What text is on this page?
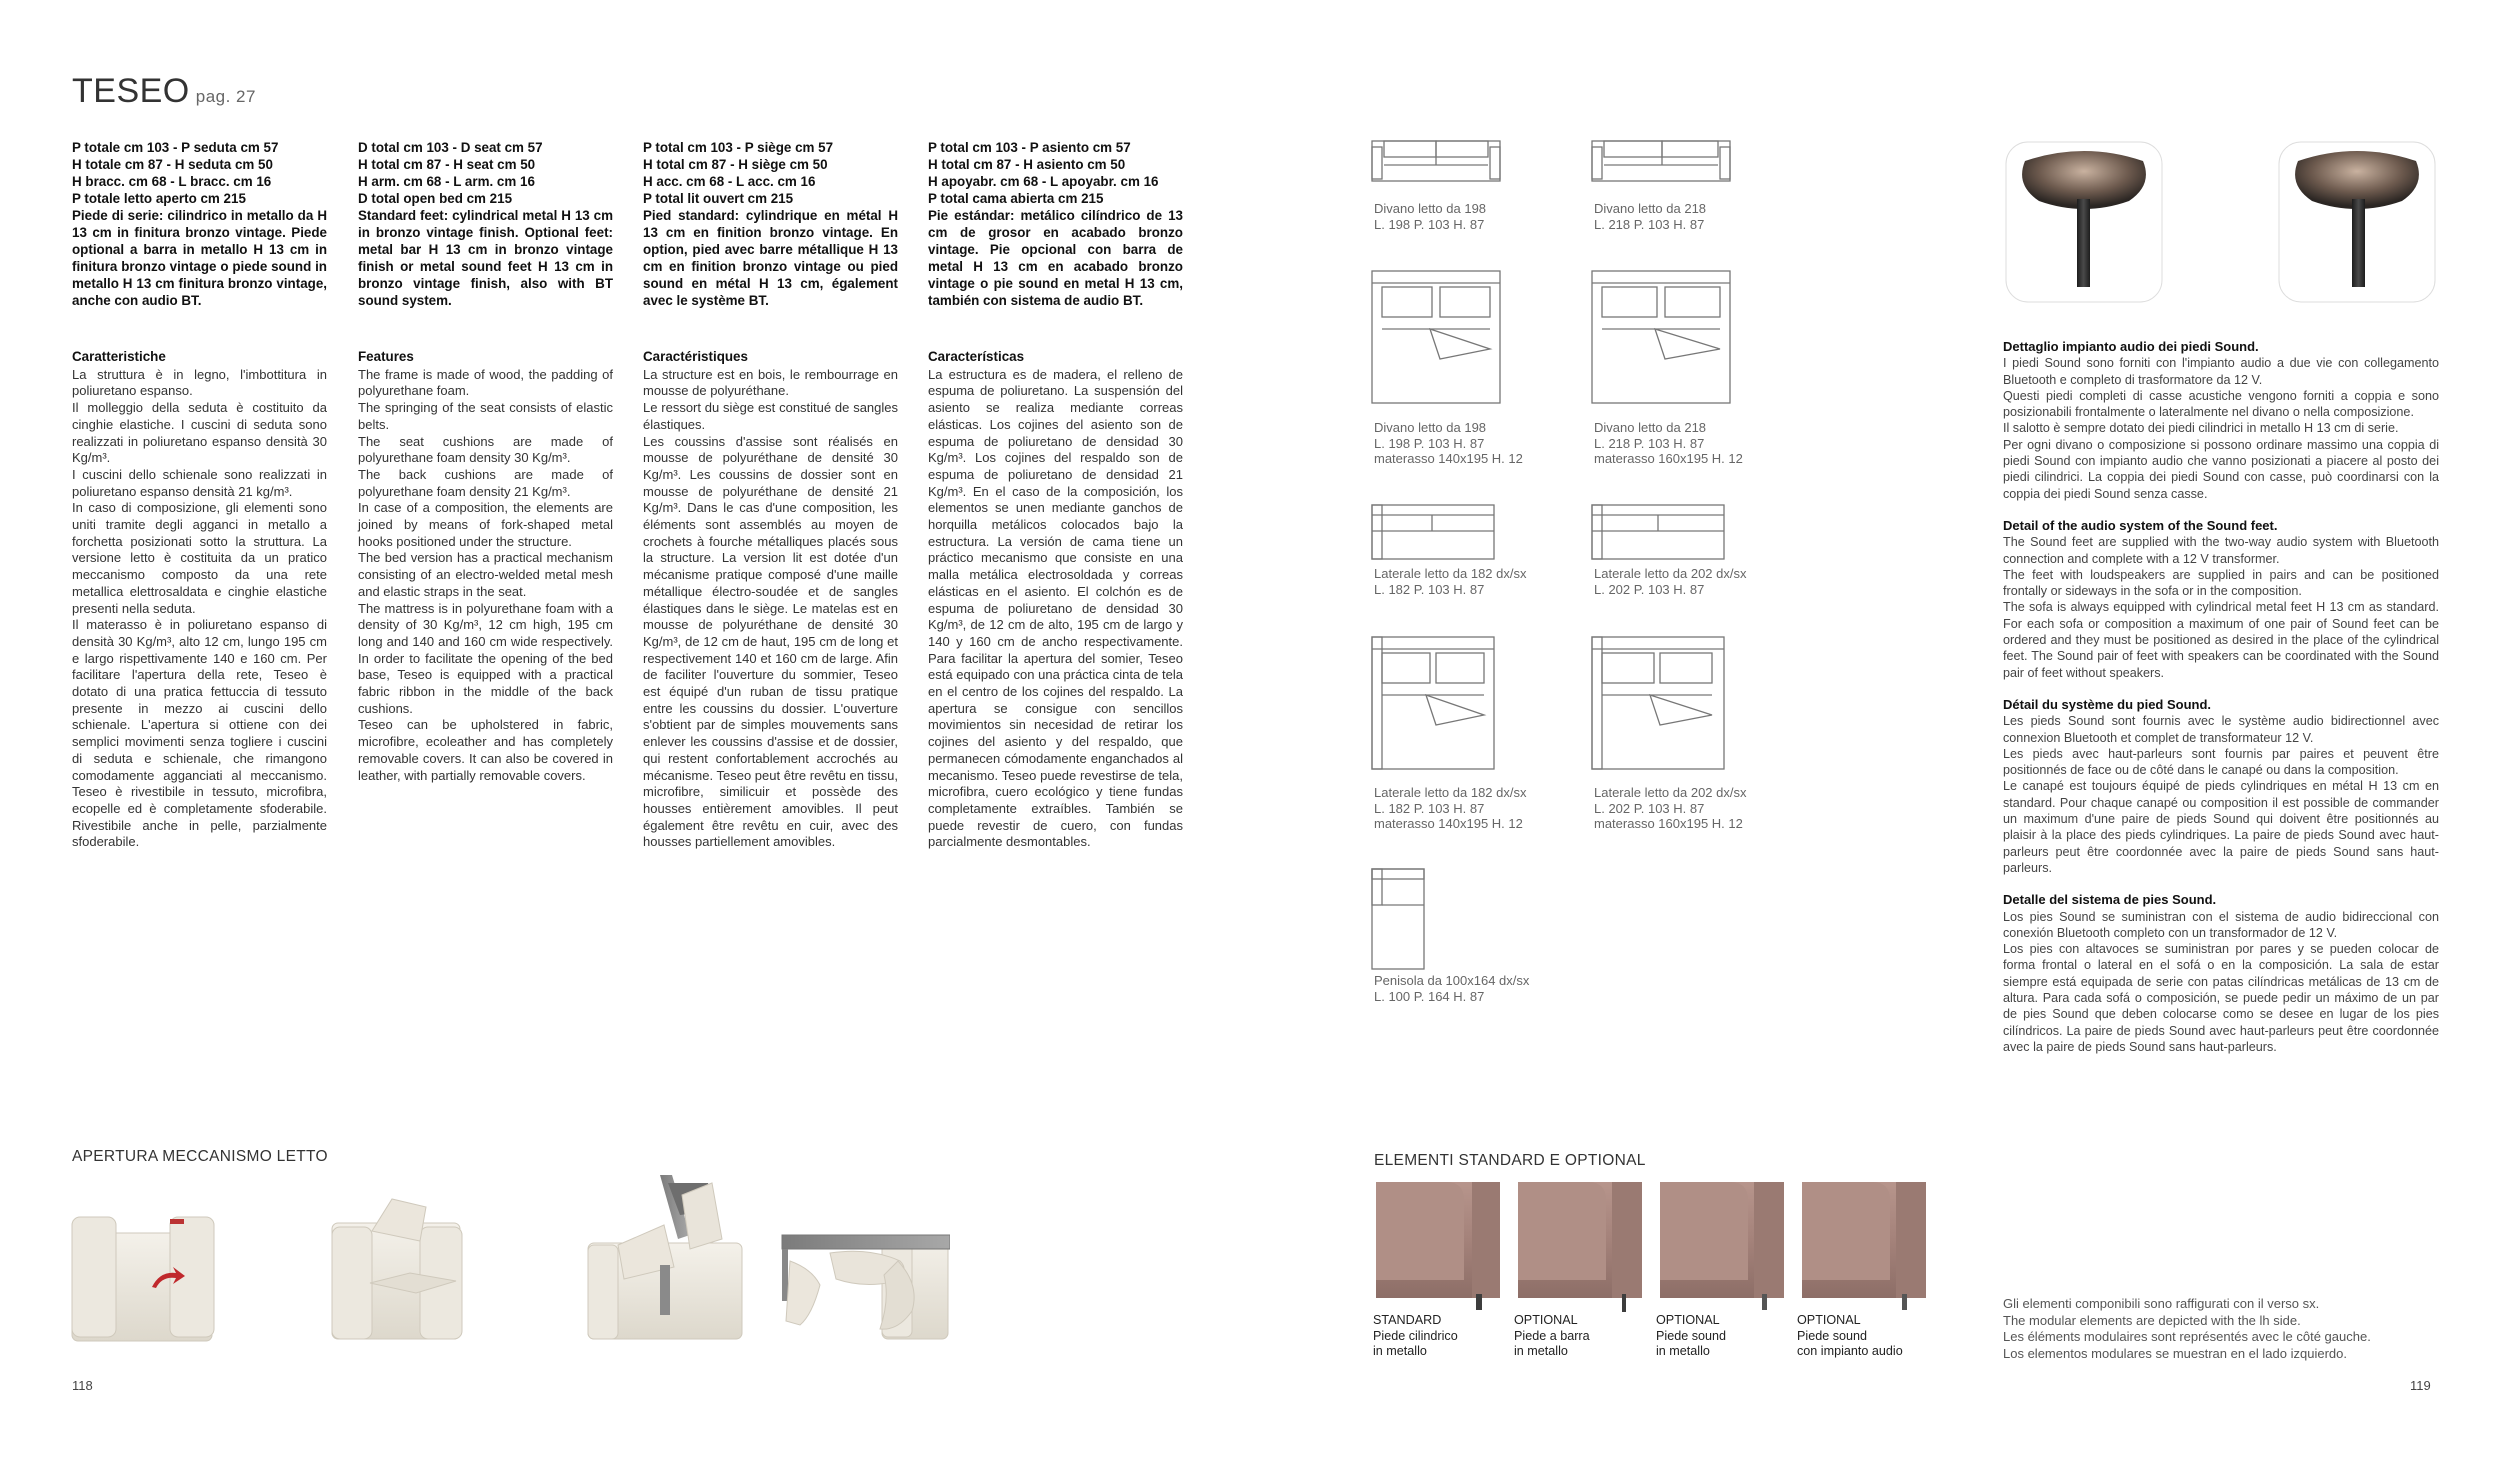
TESEO pag. 27
P totale cm 103 - P seduta cm 57
H totale cm 87 - H seduta cm 50
H bracc. cm 68 - L bracc. cm 16
P totale letto aperto cm 215
Piede di serie: cilindrico in metallo da H 13 cm in finitura bronzo vintage. Piede optional a barra in metallo H 13 cm in finitura bronzo vintage o piede sound in metallo H 13 cm finitura bronzo vintage, anche con audio BT.
D total cm 103 - D seat cm 57
H total cm 87 - H seat cm 50
H arm. cm 68 - L arm. cm 16
D total open bed cm 215
Standard feet: cylindrical metal H 13 cm in bronzo vintage finish. Optional feet: metal bar H 13 cm in bronzo vintage finish or metal sound feet H 13 cm in bronzo vintage finish, also with BT sound system.
P total cm 103 - P siège cm 57
H total cm 87 - H siège cm 50
H acc. cm 68 - L acc. cm 16
P total lit ouvert cm 215
Pied standard: cylindrique en métal H 13 cm en finition bronzo vintage. En option, pied avec barre métallique H 13 cm en finition bronzo vintage ou pied sound en métal H 13 cm, également avec le système BT.
P total cm 103 - P asiento cm 57
H total cm 87 - H asiento cm 50
H apoyabr. cm 68 - L apoyabr. cm 16
P total cama abierta cm 215
Pie estándar: metálico cilíndrico de 13 cm de grosor en acabado bronzo vintage. Pie opcional con barra de metal H 13 cm en acabado bronzo vintage o pie sound en metal H 13 cm, también con sistema de audio BT.
Caratteristiche

La struttura è in legno, l'imbottitura in poliuretano espanso.

Il molleggio della seduta è costituito da cinghie elastiche. I cuscini di seduta sono realizzati in poliuretano espanso densità 30 Kg/m³.

I cuscini dello schienale sono realizzati in poliuretano espanso densità 21 kg/m³.

In caso di composizione, gli elementi sono uniti tramite degli agganci in metallo a forchetta posizionati sotto la struttura. La versione letto è costituita da un pratico meccanismo composto da una rete metallica elettrosaldata e cinghie elastiche presenti nella seduta.

Il materasso è in poliuretano espanso di densità 30 Kg/m³, alto 12 cm, lungo 195 cm e largo rispettivamente 140 e 160 cm. Per facilitare l'apertura della rete, Teseo è dotato di una pratica fettuccia di tessuto presente in mezzo ai cuscini dello schienale. L'apertura si ottiene con dei semplici movimenti senza togliere i cuscini di seduta e schienale, che rimangono comodamente agganciati al meccanismo. Teseo è rivestibile in tessuto, microfibra, ecopelle ed è completamente sfoderabile. Rivestibile anche in pelle, parzialmente sfoderabile.

Features

The frame is made of wood, the padding of polyurethane foam.

The springing of the seat consists of elastic belts.

The seat cushions are made of polyurethane foam density 30 Kg/m³.

The back cushions are made of polyurethane foam density 21 Kg/m³.

In case of a composition, the elements are joined by means of fork-shaped metal hooks positioned under the structure.

The bed version has a practical mechanism consisting of an electro-welded metal mesh and elastic straps in the seat.

The mattress is in polyurethane foam with a density of 30 Kg/m³, 12 cm high, 195 cm long and 140 and 160 cm wide respectively. In order to facilitate the opening of the bed base, Teseo is equipped with a practical fabric ribbon in the middle of the back cushions.

Teseo can be upholstered in fabric, microfibre, ecoleather and has completely removable covers. It can also be covered in leather, with partially removable covers.

Caractéristiques

La structure est en bois, le rembourrage en mousse de polyuréthane.

Le ressort du siège est constitué de sangles élastiques.

Les coussins d'assise sont réalisés en mousse de polyuréthane de densité 30 Kg/m³. Les coussins de dossier sont en mousse de polyuréthane de densité 21 Kg/m³. Dans le cas d'une composition, les éléments sont assemblés au moyen de crochets à fourche métalliques placés sous la structure. La version lit est dotée d'un mécanisme pratique composé d'une maille métallique électro-soudée et de sangles élastiques dans le siège. Le matelas est en mousse de polyuréthane de densité 30 Kg/m³, de 12 cm de haut, 195 cm de long et respectivement 140 et 160 cm de large. Afin de faciliter l'ouverture du sommier, Teseo est équipé d'un ruban de tissu pratique entre les coussins du dossier. L'ouverture s'obtient par de simples mouvements sans enlever les coussins d'assise et de dossier, qui restent confortablement accrochés au mécanisme. Teseo peut être revêtu en tissu, microfibre, similicuir et possède des housses entièrement amovibles. Il peut également être revêtu en cuir, avec des housses partiellement amovibles.

Características

La estructura es de madera, el relleno de espuma de poliuretano. La suspensión del asiento se realiza mediante correas elásticas. Los cojines del asiento son de espuma de poliuretano de densidad 30 Kg/m³. Los cojines del respaldo son de espuma de poliuretano de densidad 21 Kg/m³. En el caso de la composición, los elementos se unen mediante ganchos de horquilla metálicos colocados bajo la estructura. La versión de cama tiene un práctico mecanismo que consiste en una malla metálica electrosoldada y correas elásticas en el asiento. El colchón es de espuma de poliuretano de densidad 30 Kg/m³, de 12 cm de alto, 195 cm de largo y 140 y 160 cm de ancho respectivamente. Para facilitar la apertura del somier, Teseo está equipado con una práctica cinta de tela en el centro de los cojines del respaldo. La apertura se consigue con sencillos movimientos sin necesidad de retirar los cojines del asiento y del respaldo, que permanecen cómodamente enganchados al mecanismo. Teseo puede revestirse de tela, microfibra, cuero ecológico y tiene fundas completamente extraíbles. También se puede revestir de cuero, con fundas parcialmente desmontables.

APERTURA MECCANISMO LETTO
Divano letto da 198
L. 198 P. 103 H. 87
Divano letto da 218
L. 218 P. 103 H. 87
Divano letto da 198
L. 198 P. 103 H. 87
materasso 140x195 H. 12
Divano letto da 218
L. 218 P. 103 H. 87
materasso 160x195 H. 12
Laterale letto da 182 dx/sx
L. 182 P. 103 H. 87
Laterale letto da 202 dx/sx
L. 202 P. 103 H. 87
Laterale letto da 182 dx/sx
L. 182 P. 103 H. 87
materasso 140x195 H. 12
Laterale letto da 202 dx/sx
L. 202 P. 103 H. 87
materasso 160x195 H. 12
Penisola da 100x164 dx/sx
L. 100 P. 164 H. 87
ELEMENTI STANDARD E OPTIONAL
STANDARD
Piede cilindrico
in metallo
OPTIONAL
Piede a barra
in metallo
OPTIONAL
Piede sound
in metallo
OPTIONAL
Piede sound
con impianto audio
Dettaglio impianto audio dei piedi Sound.

I piedi Sound sono forniti con l'impianto audio a due vie con collegamento Bluetooth e completo di trasformatore da 12 V.
Questi piedi completi di casse acustiche vengono forniti a coppia e sono posizionabili frontalmente o lateralmente nel divano o nella composizione.
Il salotto è sempre dotato dei piedi cilindrici in metallo H 13 cm di serie.
Per ogni divano o composizione si possono ordinare massimo una coppia di piedi Sound con impianto audio che vanno posizionati a piacere al posto dei piedi cilindrici. La coppia dei piedi Sound con casse, può coordinarsi con la coppia dei piedi Sound senza casse.

Detail of the audio system of the Sound feet.

The Sound feet are supplied with the two-way audio system with Bluetooth connection and complete with a 12 V transformer.
The feet with loudspeakers are supplied in pairs and can be positioned frontally or sideways in the sofa or in the composition.
The sofa is always equipped with cylindrical metal feet H 13 cm as standard. For each sofa or composition a maximum of one pair of Sound feet can be ordered and they must be positioned as desired in the place of the cylindrical feet. The Sound pair of feet with speakers can be coordinated with the Sound pair of feet without speakers.

Détail du système du pied Sound.

Les pieds Sound sont fournis avec le système audio bidirectionnel avec connexion Bluetooth et complet de transformateur 12 V.
Les pieds avec haut-parleurs sont fournis par paires et peuvent être positionnés de face ou de côté dans le canapé ou dans la composition.
Le canapé est toujours équipé de pieds cylindriques en métal H 13 cm en standard. Pour chaque canapé ou composition il est possible de commander un maximum d'une paire de pieds Sound qui doivent être positionnés au plaisir à la place des pieds cylindriques. La paire de pieds Sound avec haut-parleurs peut être coordonnée avec la paire de pieds Sound sans haut-parleurs.

Detalle del sistema de pies Sound.

Los pies Sound se suministran con el sistema de audio bidireccional con conexión Bluetooth completo con un transformador de 12 V.
Los pies con altavoces se suministran por pares y se pueden colocar de forma frontal o lateral en el sofá o en la composición. La sala de estar siempre está equipada de serie con patas cilíndricas metálicas de 13 cm de altura. Para cada sofá o composición, se puede pedir un máximo de un par de pies Sound que deben colocarse como se desee en lugar de los pies cilíndricos. La paire de pieds Sound avec haut-parleurs peut être coordonnée avec la paire de pieds Sound sans haut-parleurs.

Gli elementi componibili sono raffigurati con il verso sx.
The modular elements are depicted with the lh side.
Les éléments modulaires sont représentés avec le côté gauche.
Los elementos modulares se muestran en el lado izquierdo.
118	119
